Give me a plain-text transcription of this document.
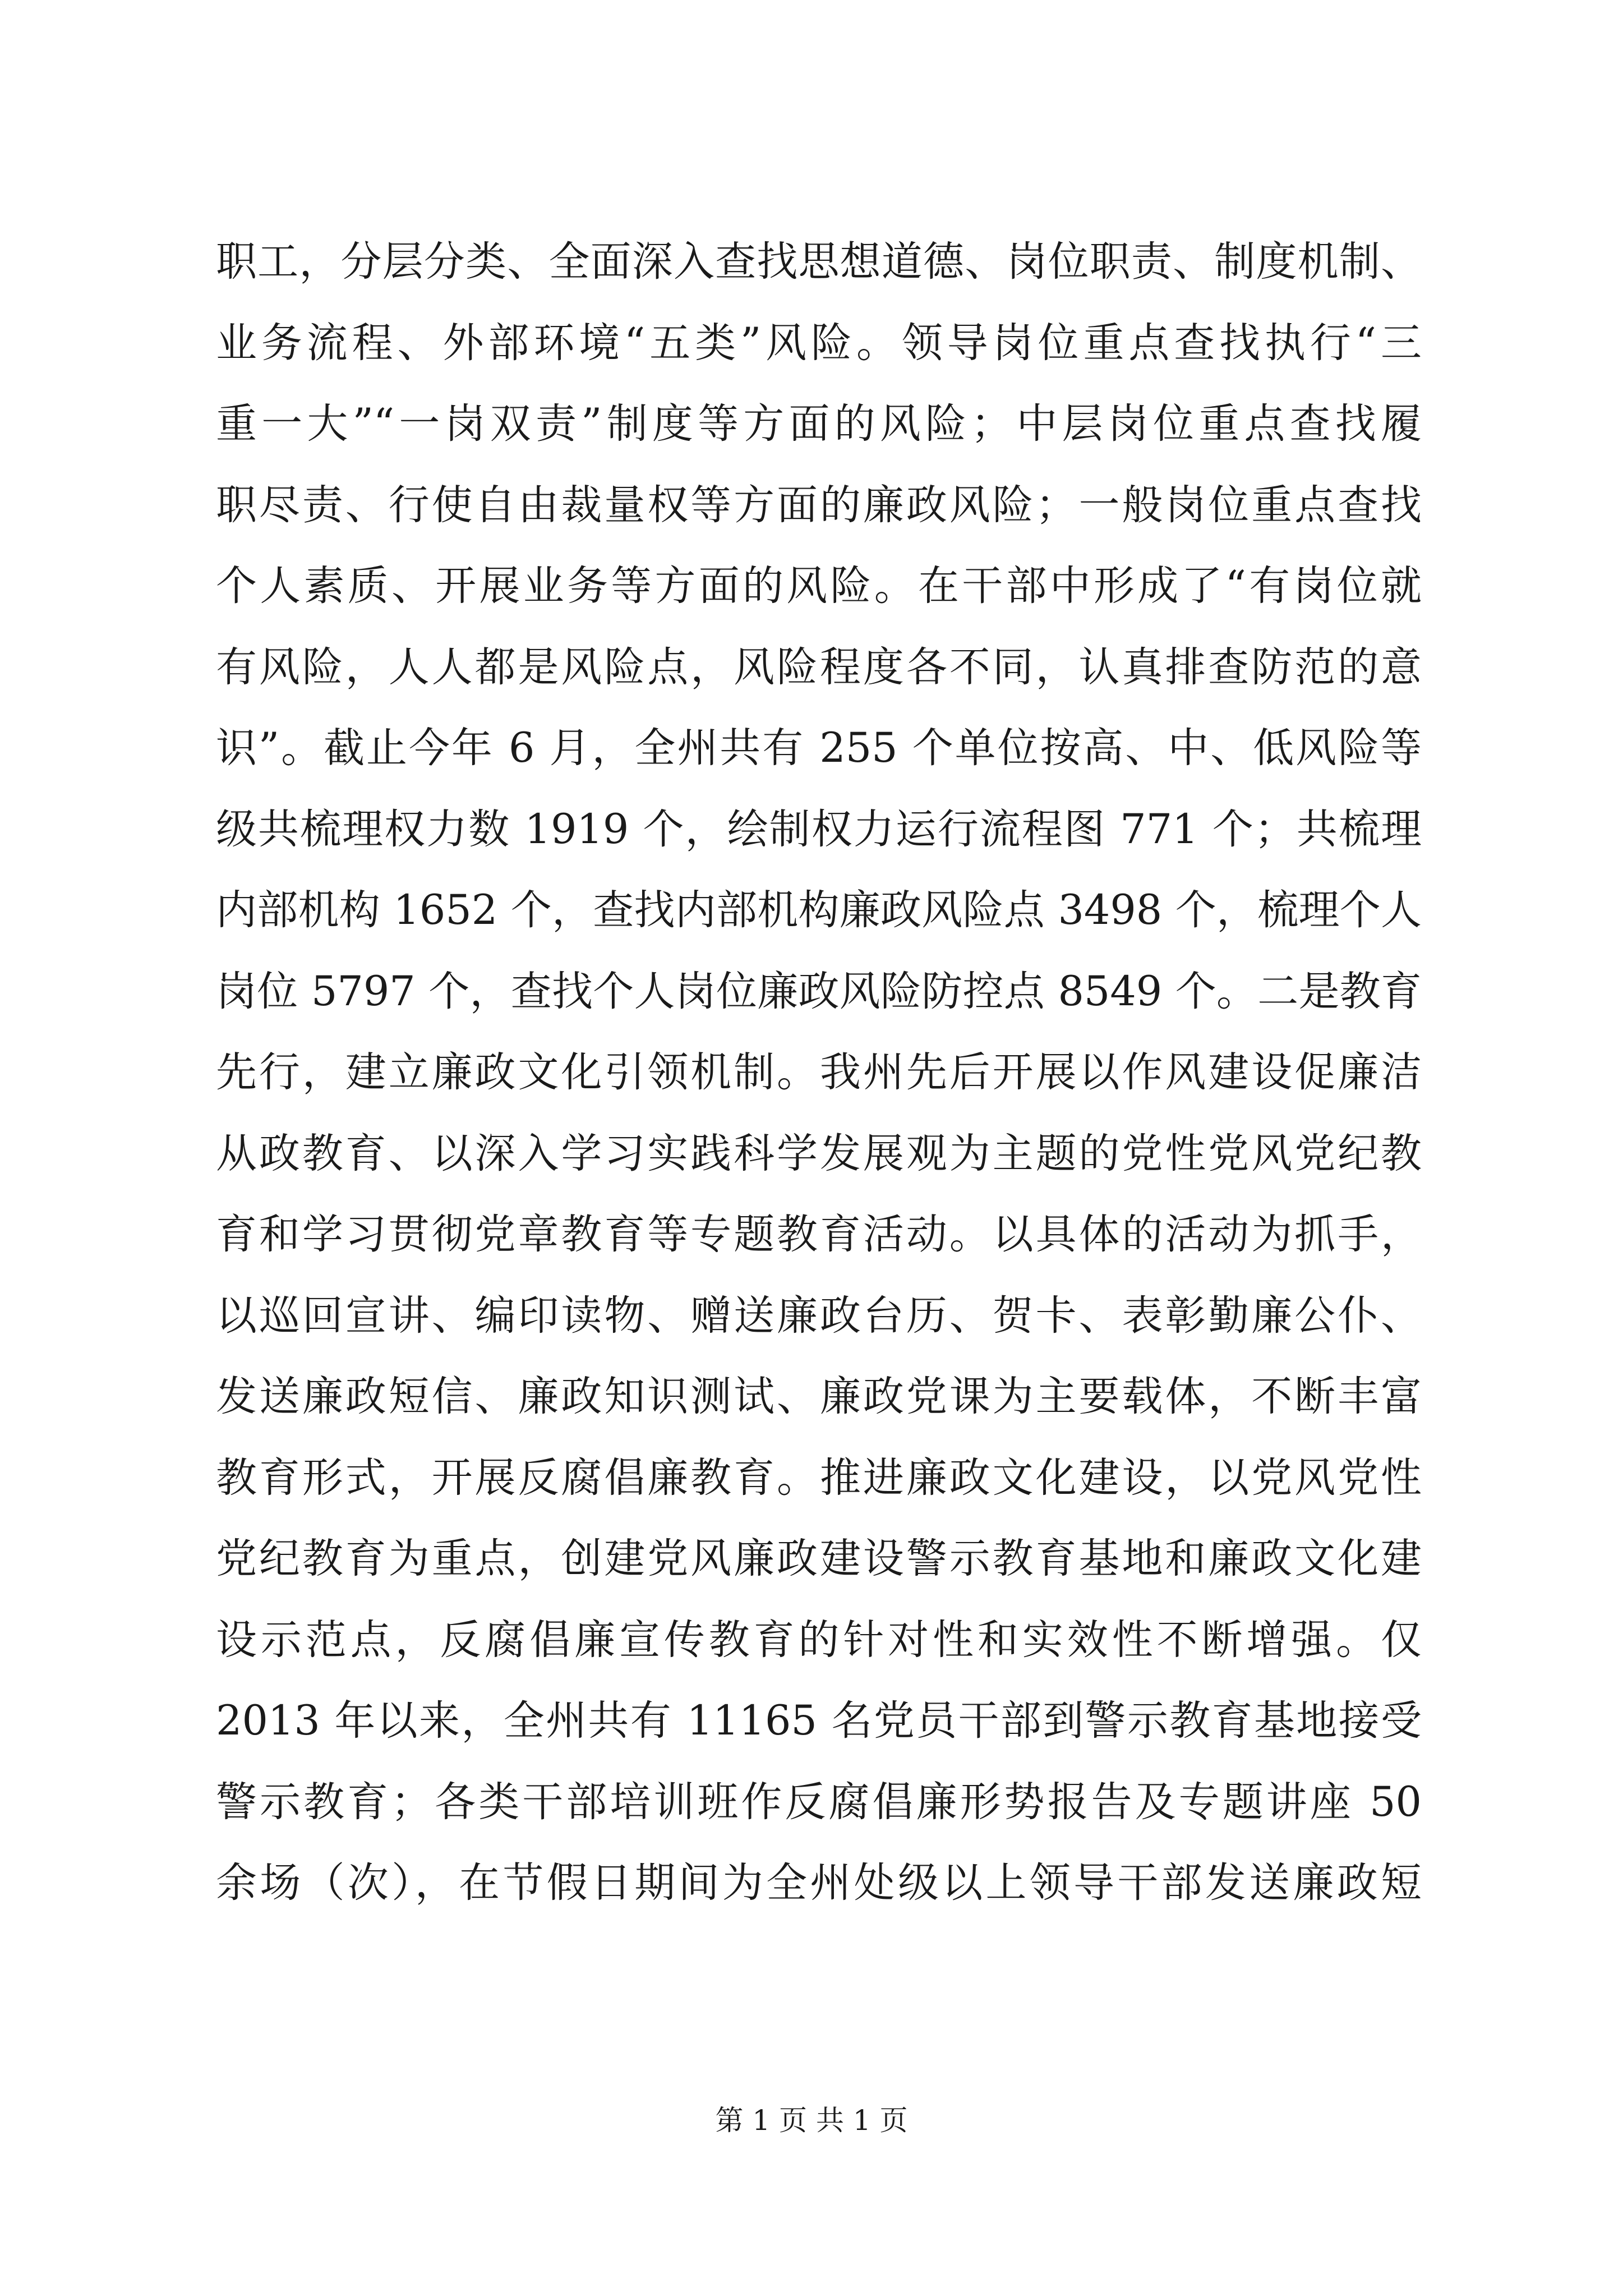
职工，分层分类、全面深入查找思想道德、岗位职责、制度机制、
业务流程、外部环境“五类”风险。领导岗位重点查找执行“三
重一大”“一岗双责”制度等方面的风险；中层岗位重点查找履
职尽责、行使自由裁量权等方面的廉政风险；一般岗位重点查找
个人素质、开展业务等方面的风险。在干部中形成了“有岗位就
有风险，人人都是风险点，风险程度各不同，认真排查防范的意
识”。截止今年 6 月，全州共有 255 个单位按高、中、低风险等
级共梳理权力数 1919 个，绘制权力运行流程图 771 个；共梳理
内部机构 1652 个，查找内部机构廉政风险点 3498 个，梳理个人
岗位 5797 个，查找个人岗位廉政风险防控点 8549 个。二是教育
先行，建立廉政文化引领机制。我州先后开展以作风建设促廉洁
从政教育、以深入学习实践科学发展观为主题的党性党风党纪教
育和学习贯彻党章教育等专题教育活动。以具体的活动为抓手，
以巡回宣讲、编印读物、赠送廉政台历、贺卡、表彰勤廉公仆、
发送廉政短信、廉政知识测试、廉政党课为主要载体，不断丰富
教育形式，开展反腐倡廉教育。推进廉政文化建设，以党风党性
党纪教育为重点，创建党风廉政建设警示教育基地和廉政文化建
设示范点，反腐倡廉宣传教育的针对性和实效性不断增强。仅
2013 年以来，全州共有 11165 名党员干部到警示教育基地接受
警示教育；各类干部培训班作反腐倡廉形势报告及专题讲座 50
余场（次），在节假日期间为全州处级以上领导干部发送廉政短
第 1 页 共 1 页
